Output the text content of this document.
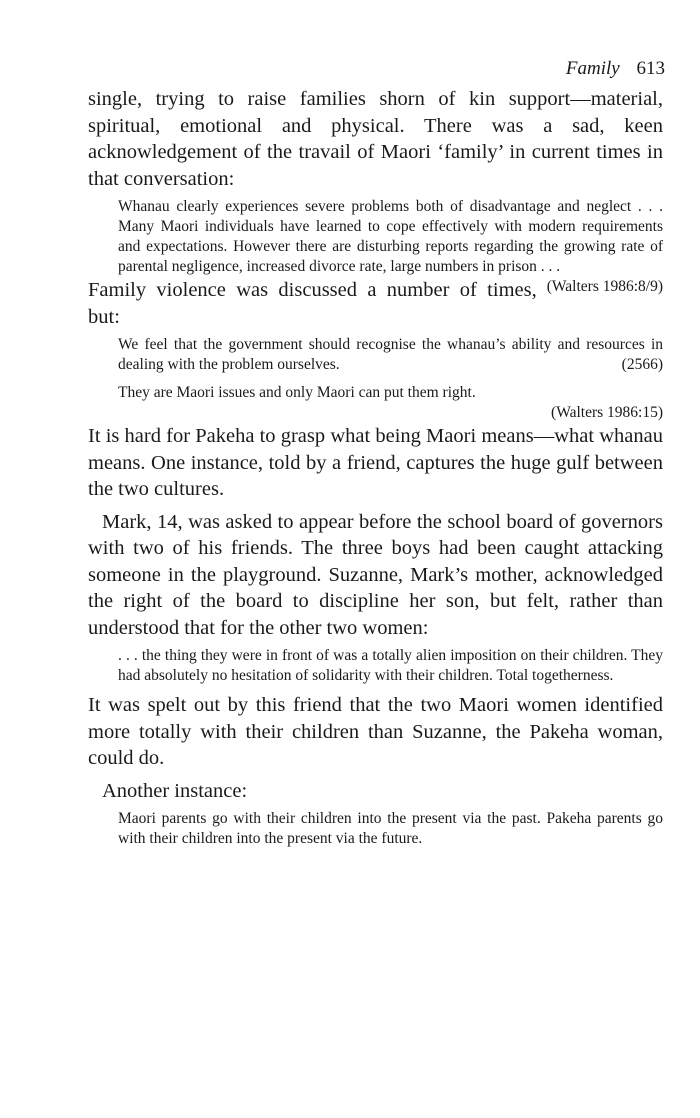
Family 613

single, trying to raise families shorn of kin support—material, spiritual, emotional and physical. There was a sad, keen acknowledgement of the travail of Maori ‘family’ in current times in that conversation:

Whanau clearly experiences severe problems both of disadvantage and neglect . . . Many Maori individuals have learned to cope effectively with modern requirements and expectations. However there are disturbing reports regarding the growing rate of parental negligence, increased divorce rate, large numbers in prison . . .
(Walters 1986:8/9)

Family violence was discussed a number of times, but:

We feel that the government should recognise the whanau’s ability and resources in dealing with the problem ourselves.	(2566)
They are Maori issues and only Maori can put them right.
(Walters 1986:15)

It is hard for Pakeha to grasp what being Maori means—what whanau means. One instance, told by a friend, captures the huge gulf between the two cultures.

Mark, 14, was asked to appear before the school board of governors with two of his friends. The three boys had been caught attacking someone in the playground. Suzanne, Mark’s mother, acknowledged the right of the board to discipline her son, but felt, rather than understood that for the other two women:

. . . the thing they were in front of was a totally alien imposition on their children. They had absolutely no hesitation of solidarity with their children. Total togetherness.

It was spelt out by this friend that the two Maori women identified more totally with their children than Suzanne, the Pakeha woman, could do.

Another instance:

Maori parents go with their children into the present via the past. Pakeha parents go with their children into the present via the future.
